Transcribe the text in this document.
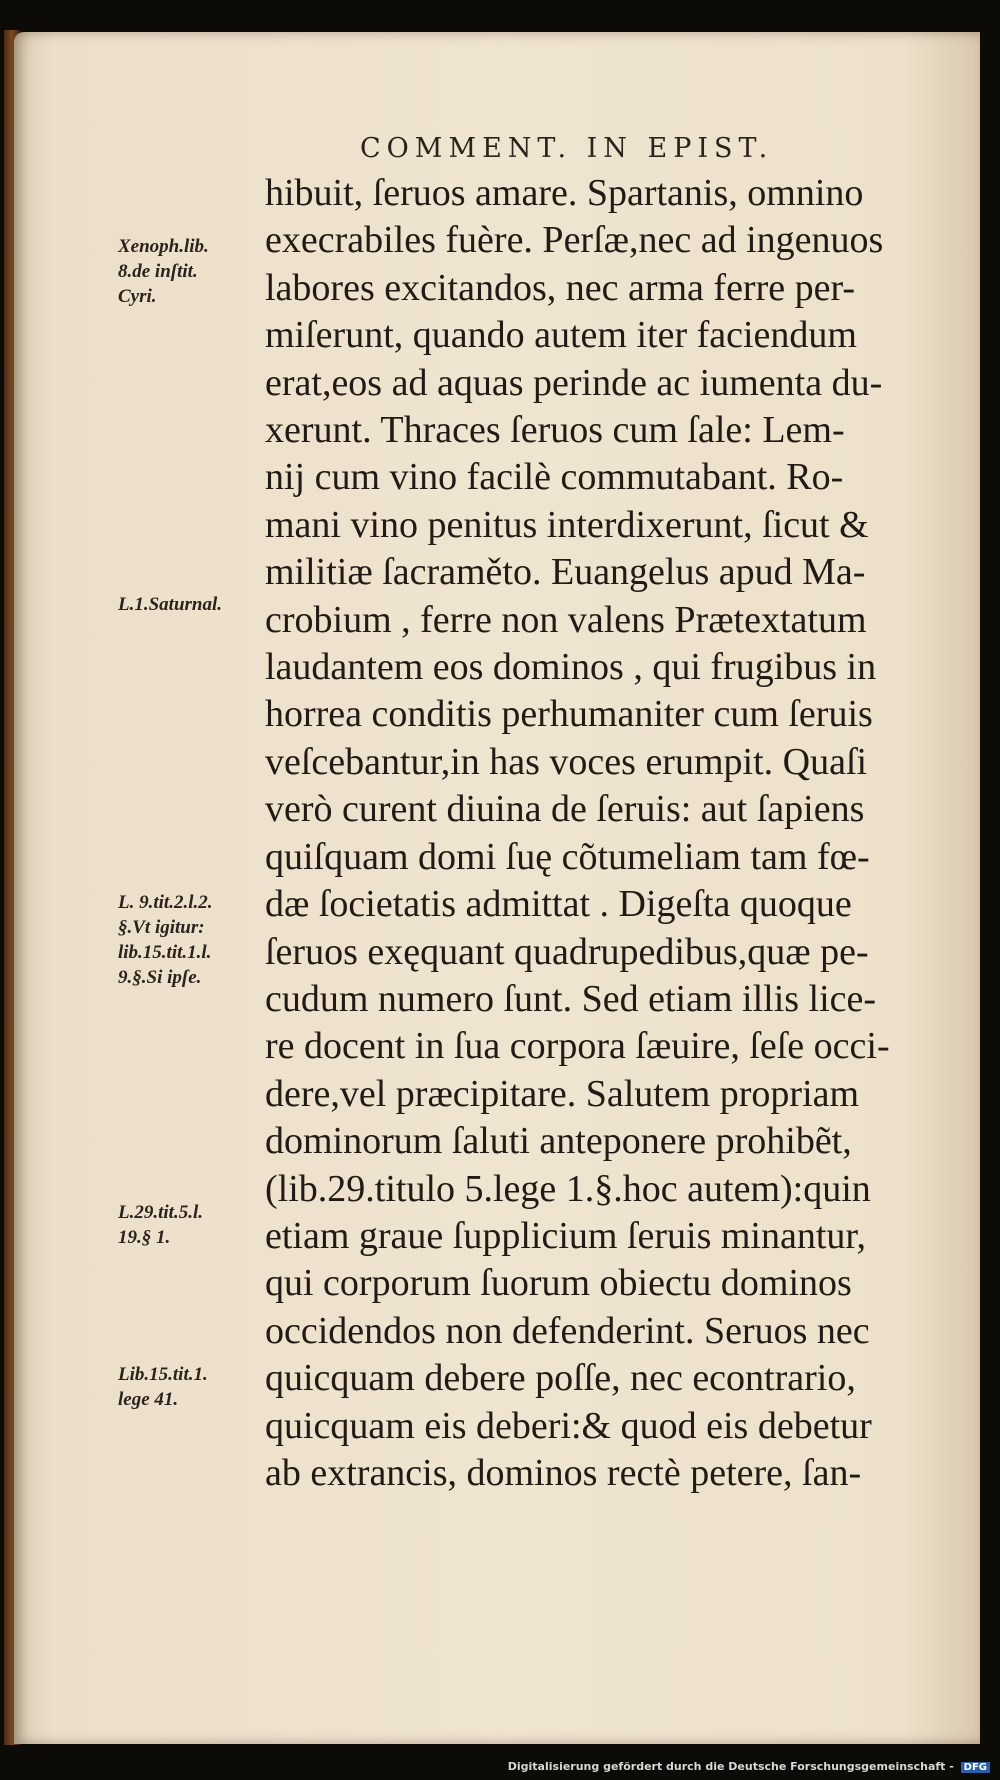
COMMENT. IN EPIST.
hibuit, ſeruos amare. Spartanis, omnino
execrabiles fuère. Perſæ,nec ad ingenuos
labores excitandos, nec arma ferre per-
miſerunt, quando autem iter faciendum
erat,eos ad aquas perinde ac iumenta du-
xerunt. Thraces ſeruos cum ſale: Lem-
nij cum vino facilè commutabant. Ro-
mani vino penitus interdixerunt, ſicut &
militiæ ſacraměto. Euangelus apud Ma-
crobium , ferre non valens Prætextatum
laudantem eos dominos , qui frugibus in
horrea conditis perhumaniter cum ſeruis
veſcebantur,in has voces erumpit. Quaſi
verò curent diuina de ſeruis: aut ſapiens
quiſquam domi ſuę cõtumeliam tam fœ-
dæ ſocietatis admittat . Digeſta quoque
ſeruos exęquant quadrupedibus,quæ pe-
cudum numero ſunt. Sed etiam illis lice-
re docent in ſua corpora ſæuire, ſeſe occi-
dere,vel præcipitare. Salutem propriam
dominorum ſaluti anteponere prohibẽt,
(lib.29.titulo 5.lege 1.§.hoc autem):quin
etiam graue ſupplicium ſeruis minantur,
qui corporum ſuorum obiectu dominos
occidendos non defenderint. Seruos nec
quicquam debere poſſe, nec econtrario,
quicquam eis deberi:& quod eis debetur
ab extrancis, dominos rectè petere, ſan-
Xenoph.lib.
8.de inſtit.
Cyri.
L.1.Saturnal.
L. 9.tit.2.l.2.
§.Vt igitur:
lib.15.tit.1.l.
9.§.Si ipſe.
L.29.tit.5.l.
19.§ 1.
Lib.15.tit.1.
lege 41.
Digitalisierung gefördert durch die Deutsche Forschungsgemeinschaft - DFG
